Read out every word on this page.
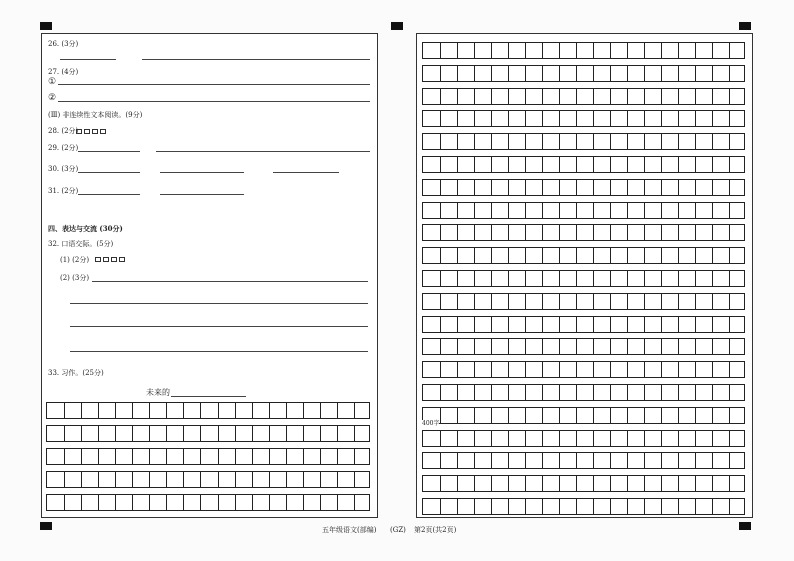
26. (3分)
27. (4分)
①
②
(Ⅲ) 非连续性文本阅读。(9分)
28. (2分)
29. (2分)
30. (3分)
31. (2分)
四、表达与交流 (30分)
32. 口语交际。(5分)
(1) (2分)
(2) (3分)
33. 习作。(25分)
未来的
400字
五年级语文(部编) (GZ) 第2页(共2页)
